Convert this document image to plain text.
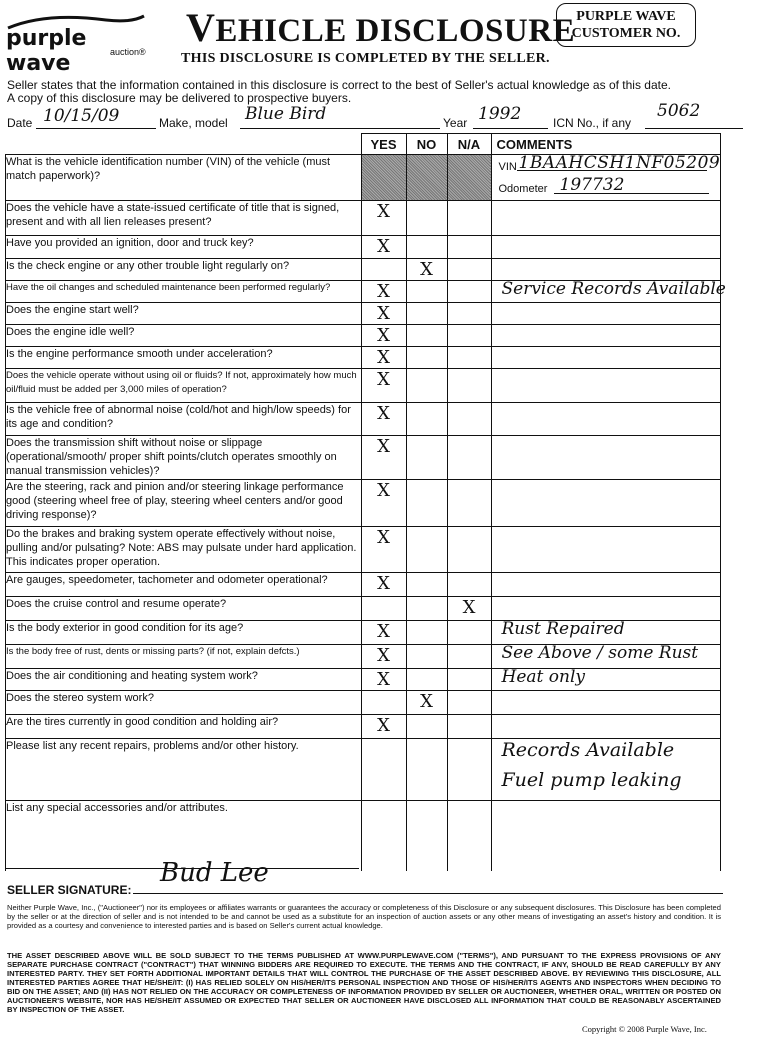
purple wave	auction®
VEHICLE DISCLOSURE
THIS DISCLOSURE IS COMPLETED BY THE SELLER.
PURPLE WAVE
CUSTOMER NO.
Seller states that the information contained in this disclosure is correct to the best of Seller's actual knowledge as of this date.
A copy of this disclosure may be delivered to prospective buyers.
Date 10/15/09	Make, model Blue Bird	Year 1992	ICN No., if any
5062
	YES	NO	N/A	COMMENTS
What is the vehicle identification number (VIN) of the vehicle (must match paperwork)?				VIN 1BAAHCSH1NF05209
Odometer 197732

Does the vehicle have a state-issued certificate of title that is signed, present and with all lien releases present?	X			

Have you provided an ignition, door and truck key?	X			

Is the check engine or any other trouble light regularly on?		X		

Have the oil changes and scheduled maintenance been performed regularly?	X			Service Records Available

Does the engine start well?	X			

Does the engine idle well?	X			

Is the engine performance smooth under acceleration?	X			

Does the vehicle operate without using oil or fluids? If not, approximately how much oil/fluid must be added per 3,000 miles of operation?	X			

Is the vehicle free of abnormal noise (cold/hot and high/low speeds) for its age and condition?	X			

Does the transmission shift without noise or slippage (operational/smooth/ proper shift points/clutch operates smoothly on manual transmission vehicles)?	X			

Are the steering, rack and pinion and/or steering linkage performance good (steering wheel free of play, steering wheel centers and/or good driving response)?	X			

Do the brakes and braking system operate effectively without noise, pulling and/or pulsating? Note: ABS may pulsate under hard application. This indicates proper operation.	X			

Are gauges, speedometer, tachometer and odometer operational?	X			

Does the cruise control and resume operate?			X	

Is the body exterior in good condition for its age?	X			Rust Repaired

Is the body free of rust, dents or missing parts? (if not, explain defcts.)	X			See Above / some Rust

Does the air conditioning and heating system work?	X			Heat only

Does the stereo system work?		X		

Are the tires currently in good condition and holding air?	X			

Please list any recent repairs, problems and/or other history.				Records Available
Fuel pump leaking

List any special accessories and/or attributes.				
SELLER SIGNATURE:
Bud Lee
Neither Purple Wave, Inc., ("Auctioneer") nor its employees or affiliates warrants or guarantees the accuracy or completeness of this Disclosure or any subsequent disclosures. This Disclosure has been completed by the seller or at the direction of seller and is not intended to be and cannot be used as a substitute for an inspection of auction assets or any other means of investigating an asset's history and condition. It is provided as a courtesy and convenience to interested parties and is based on Seller's current actual knowledge.
THE ASSET DESCRIBED ABOVE WILL BE SOLD SUBJECT TO THE TERMS PUBLISHED AT WWW.PURPLEWAVE.COM ("TERMS"), AND PURSUANT TO THE EXPRESS PROVISIONS OF ANY SEPARATE PURCHASE CONTRACT ("CONTRACT") THAT WINNING BIDDERS ARE REQUIRED TO EXECUTE. THE TERMS AND THE CONTRACT, IF ANY, SHOULD BE READ CAREFULLY BY ANY INTERESTED PARTY. THEY SET FORTH ADDITIONAL IMPORTANT DETAILS THAT WILL CONTROL THE PURCHASE OF THE ASSET DESCRIBED ABOVE. BY REVIEWING THIS DISCLOSURE, ALL INTERESTED PARTIES AGREE THAT HE/SHE/IT: (I) HAS RELIED SOLELY ON HIS/HER/ITS PERSONAL INSPECTION AND THOSE OF HIS/HER/ITS AGENTS AND INSPECTORS WHEN DECIDING TO BID ON THE ASSET; AND (II) HAS NOT RELIED ON THE ACCURACY OR COMPLETENESS OF INFORMATION PROVIDED BY SELLER OR AUCTIONEER, WHETHER ORAL, WRITTEN OR POSTED ON AUCTIONEER'S WEBSITE, NOR HAS HE/SHE/IT ASSUMED OR EXPECTED THAT SELLER OR AUCTIONEER HAVE DISCLOSED ALL INFORMATION THAT COULD BE REASONABLY ASCERTAINED BY INSPECTION OF THE ASSET.
Copyright © 2008 Purple Wave, Inc.
